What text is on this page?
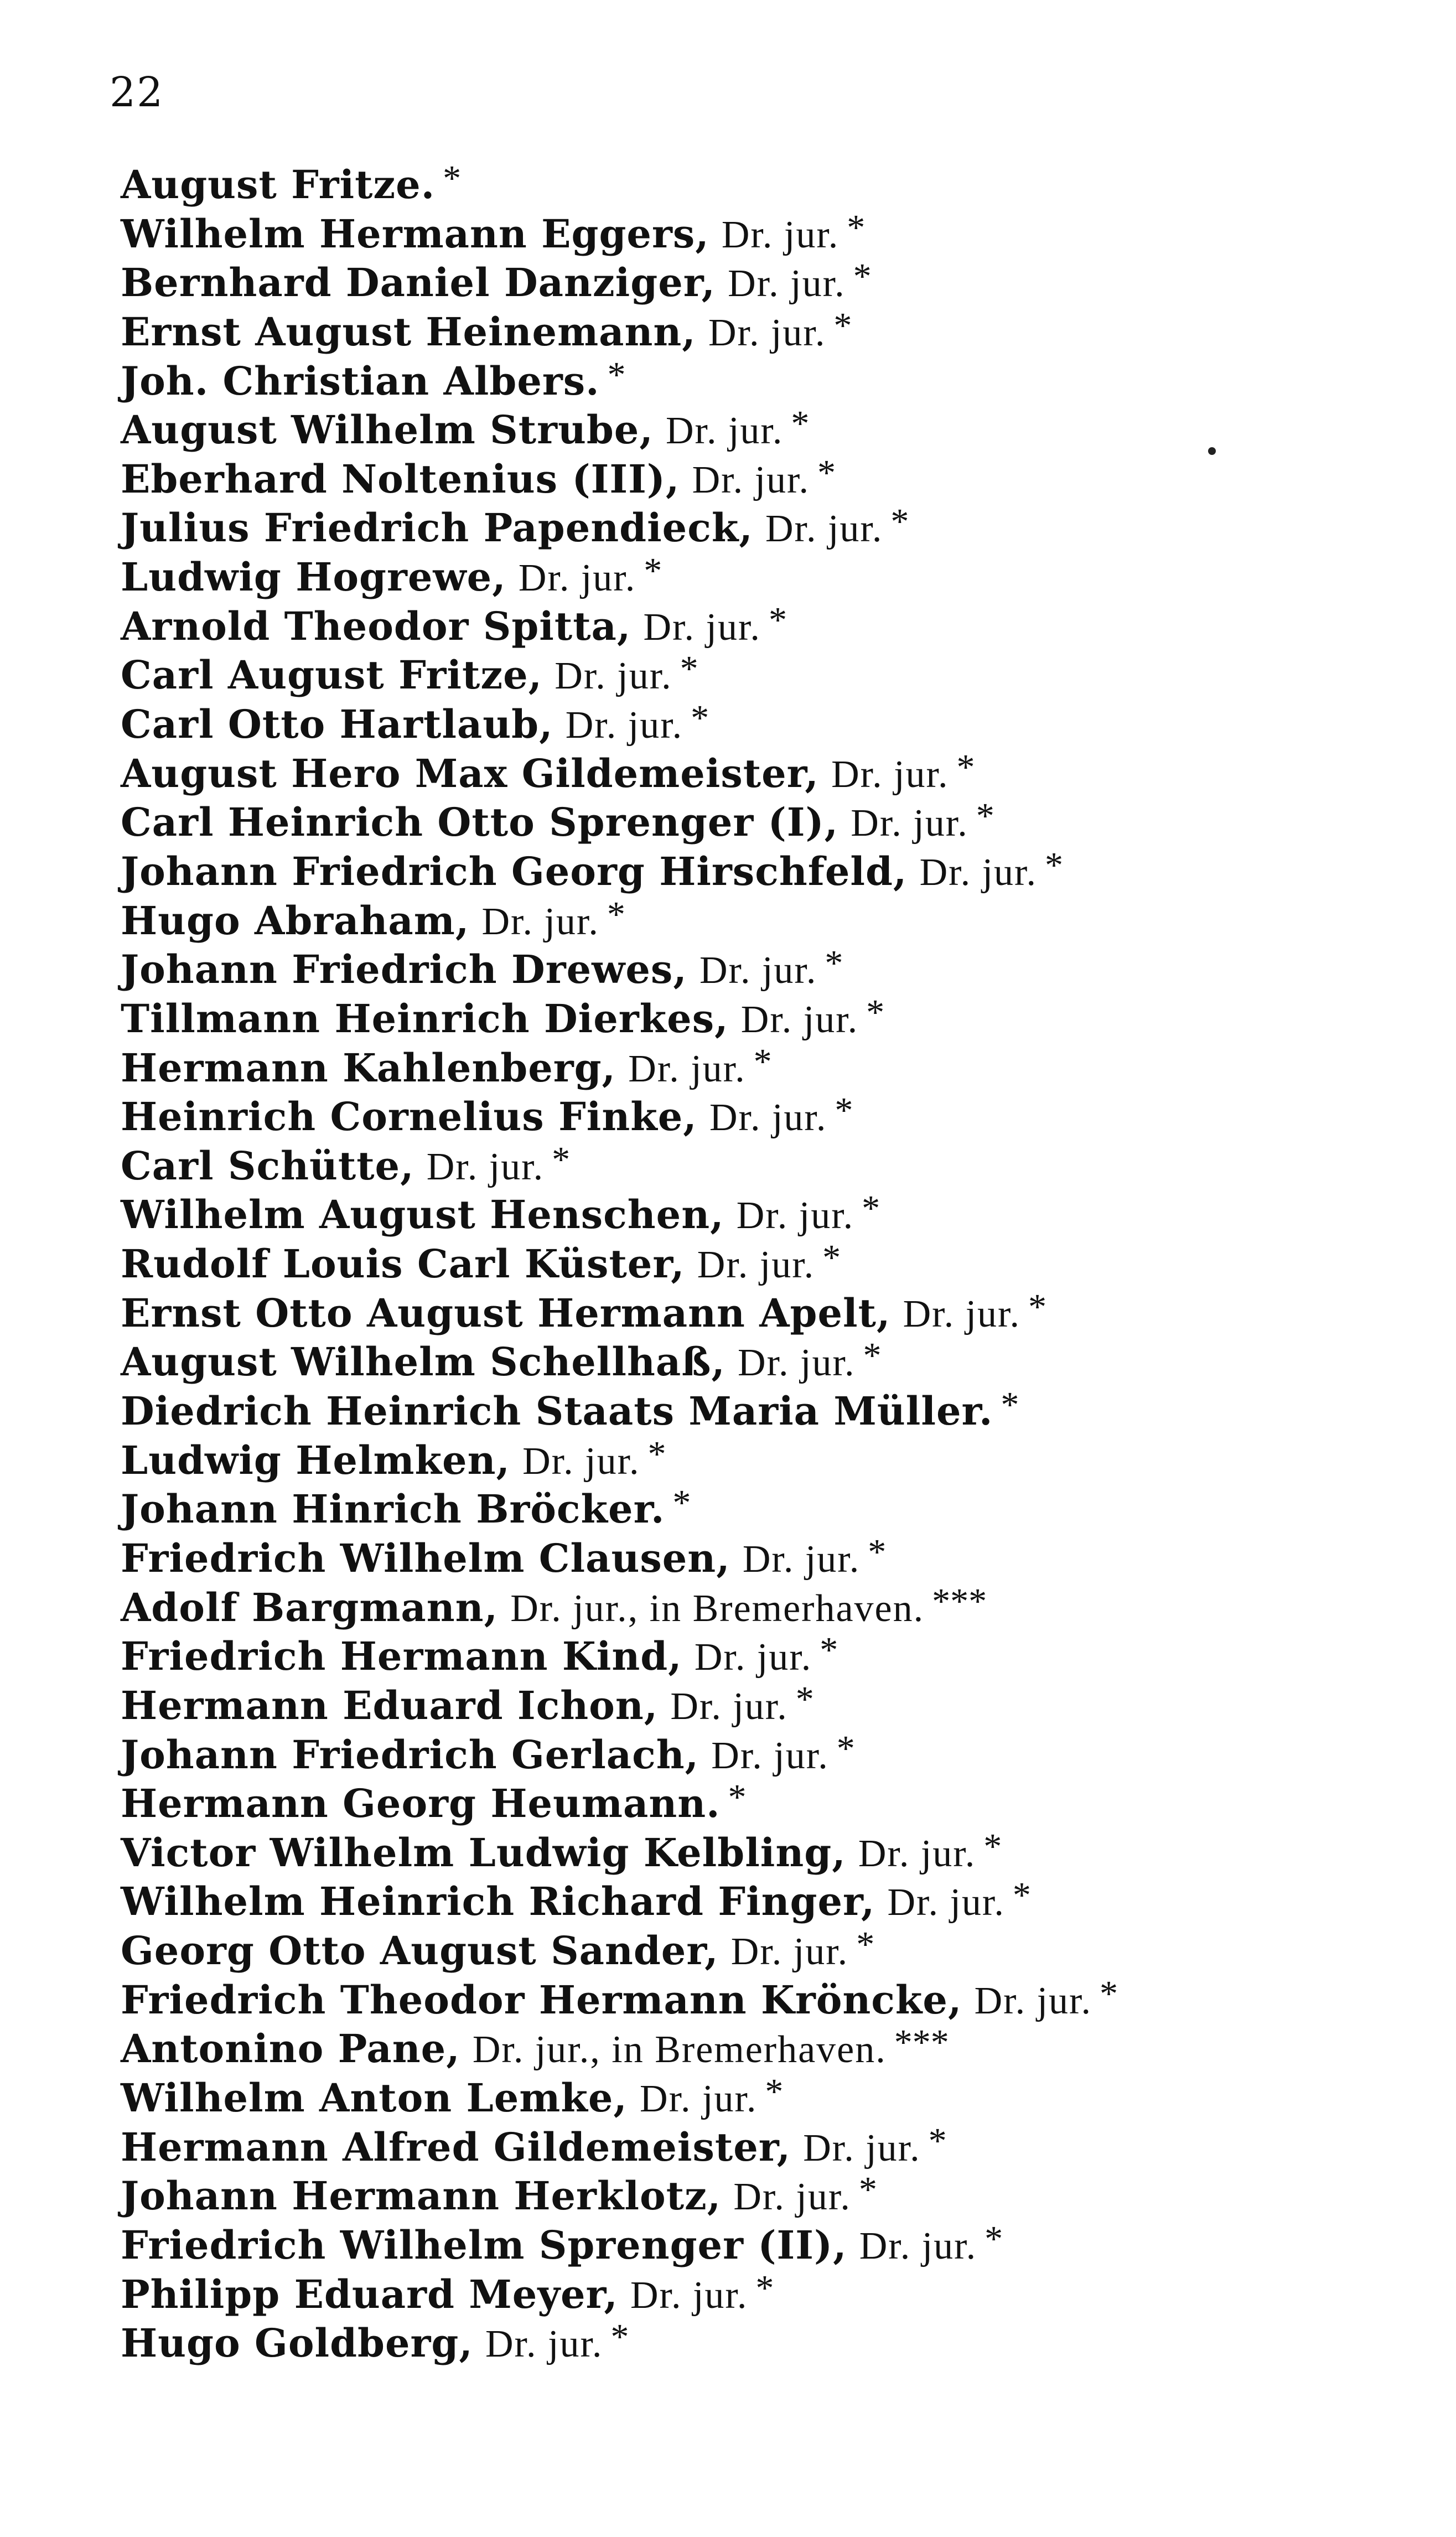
22
August Fritze. *
Wilhelm Hermann Eggers, Dr. jur. *
Bernhard Daniel Danziger, Dr. jur. *
Ernst August Heinemann, Dr. jur. *
Joh. Christian Albers. *
August Wilhelm Strube, Dr. jur. *
Eberhard Noltenius (III), Dr. jur. *
Julius Friedrich Papendieck, Dr. jur. *
Ludwig Hogrewe, Dr. jur. *
Arnold Theodor Spitta, Dr. jur. *
Carl August Fritze, Dr. jur. *
Carl Otto Hartlaub, Dr. jur. *
August Hero Max Gildemeister, Dr. jur. *
Carl Heinrich Otto Sprenger (I), Dr. jur. *
Johann Friedrich Georg Hirschfeld, Dr. jur. *
Hugo Abraham, Dr. jur. *
Johann Friedrich Drewes, Dr. jur. *
Tillmann Heinrich Dierkes, Dr. jur. *
Hermann Kahlenberg, Dr. jur. *
Heinrich Cornelius Finke, Dr. jur. *
Carl Schütte, Dr. jur. *
Wilhelm August Henschen, Dr. jur. *
Rudolf Louis Carl Küster, Dr. jur. *
Ernst Otto August Hermann Apelt, Dr. jur. *
August Wilhelm Schellhaß, Dr. jur. *
Diedrich Heinrich Staats Maria Müller. *
Ludwig Helmken, Dr. jur. *
Johann Hinrich Bröcker. *
Friedrich Wilhelm Clausen, Dr. jur. *
Adolf Bargmann, Dr. jur., in Bremerhaven. ***
Friedrich Hermann Kind, Dr. jur. *
Hermann Eduard Ichon, Dr. jur. *
Johann Friedrich Gerlach, Dr. jur. *
Hermann Georg Heumann. *
Victor Wilhelm Ludwig Kelbling, Dr. jur. *
Wilhelm Heinrich Richard Finger, Dr. jur. *
Georg Otto August Sander, Dr. jur. *
Friedrich Theodor Hermann Kröncke, Dr. jur. *
Antonino Pane, Dr. jur., in Bremerhaven. ***
Wilhelm Anton Lemke, Dr. jur. *
Hermann Alfred Gildemeister, Dr. jur. *
Johann Hermann Herklotz, Dr. jur. *
Friedrich Wilhelm Sprenger (II), Dr. jur. *
Philipp Eduard Meyer, Dr. jur. *
Hugo Goldberg, Dr. jur. *
